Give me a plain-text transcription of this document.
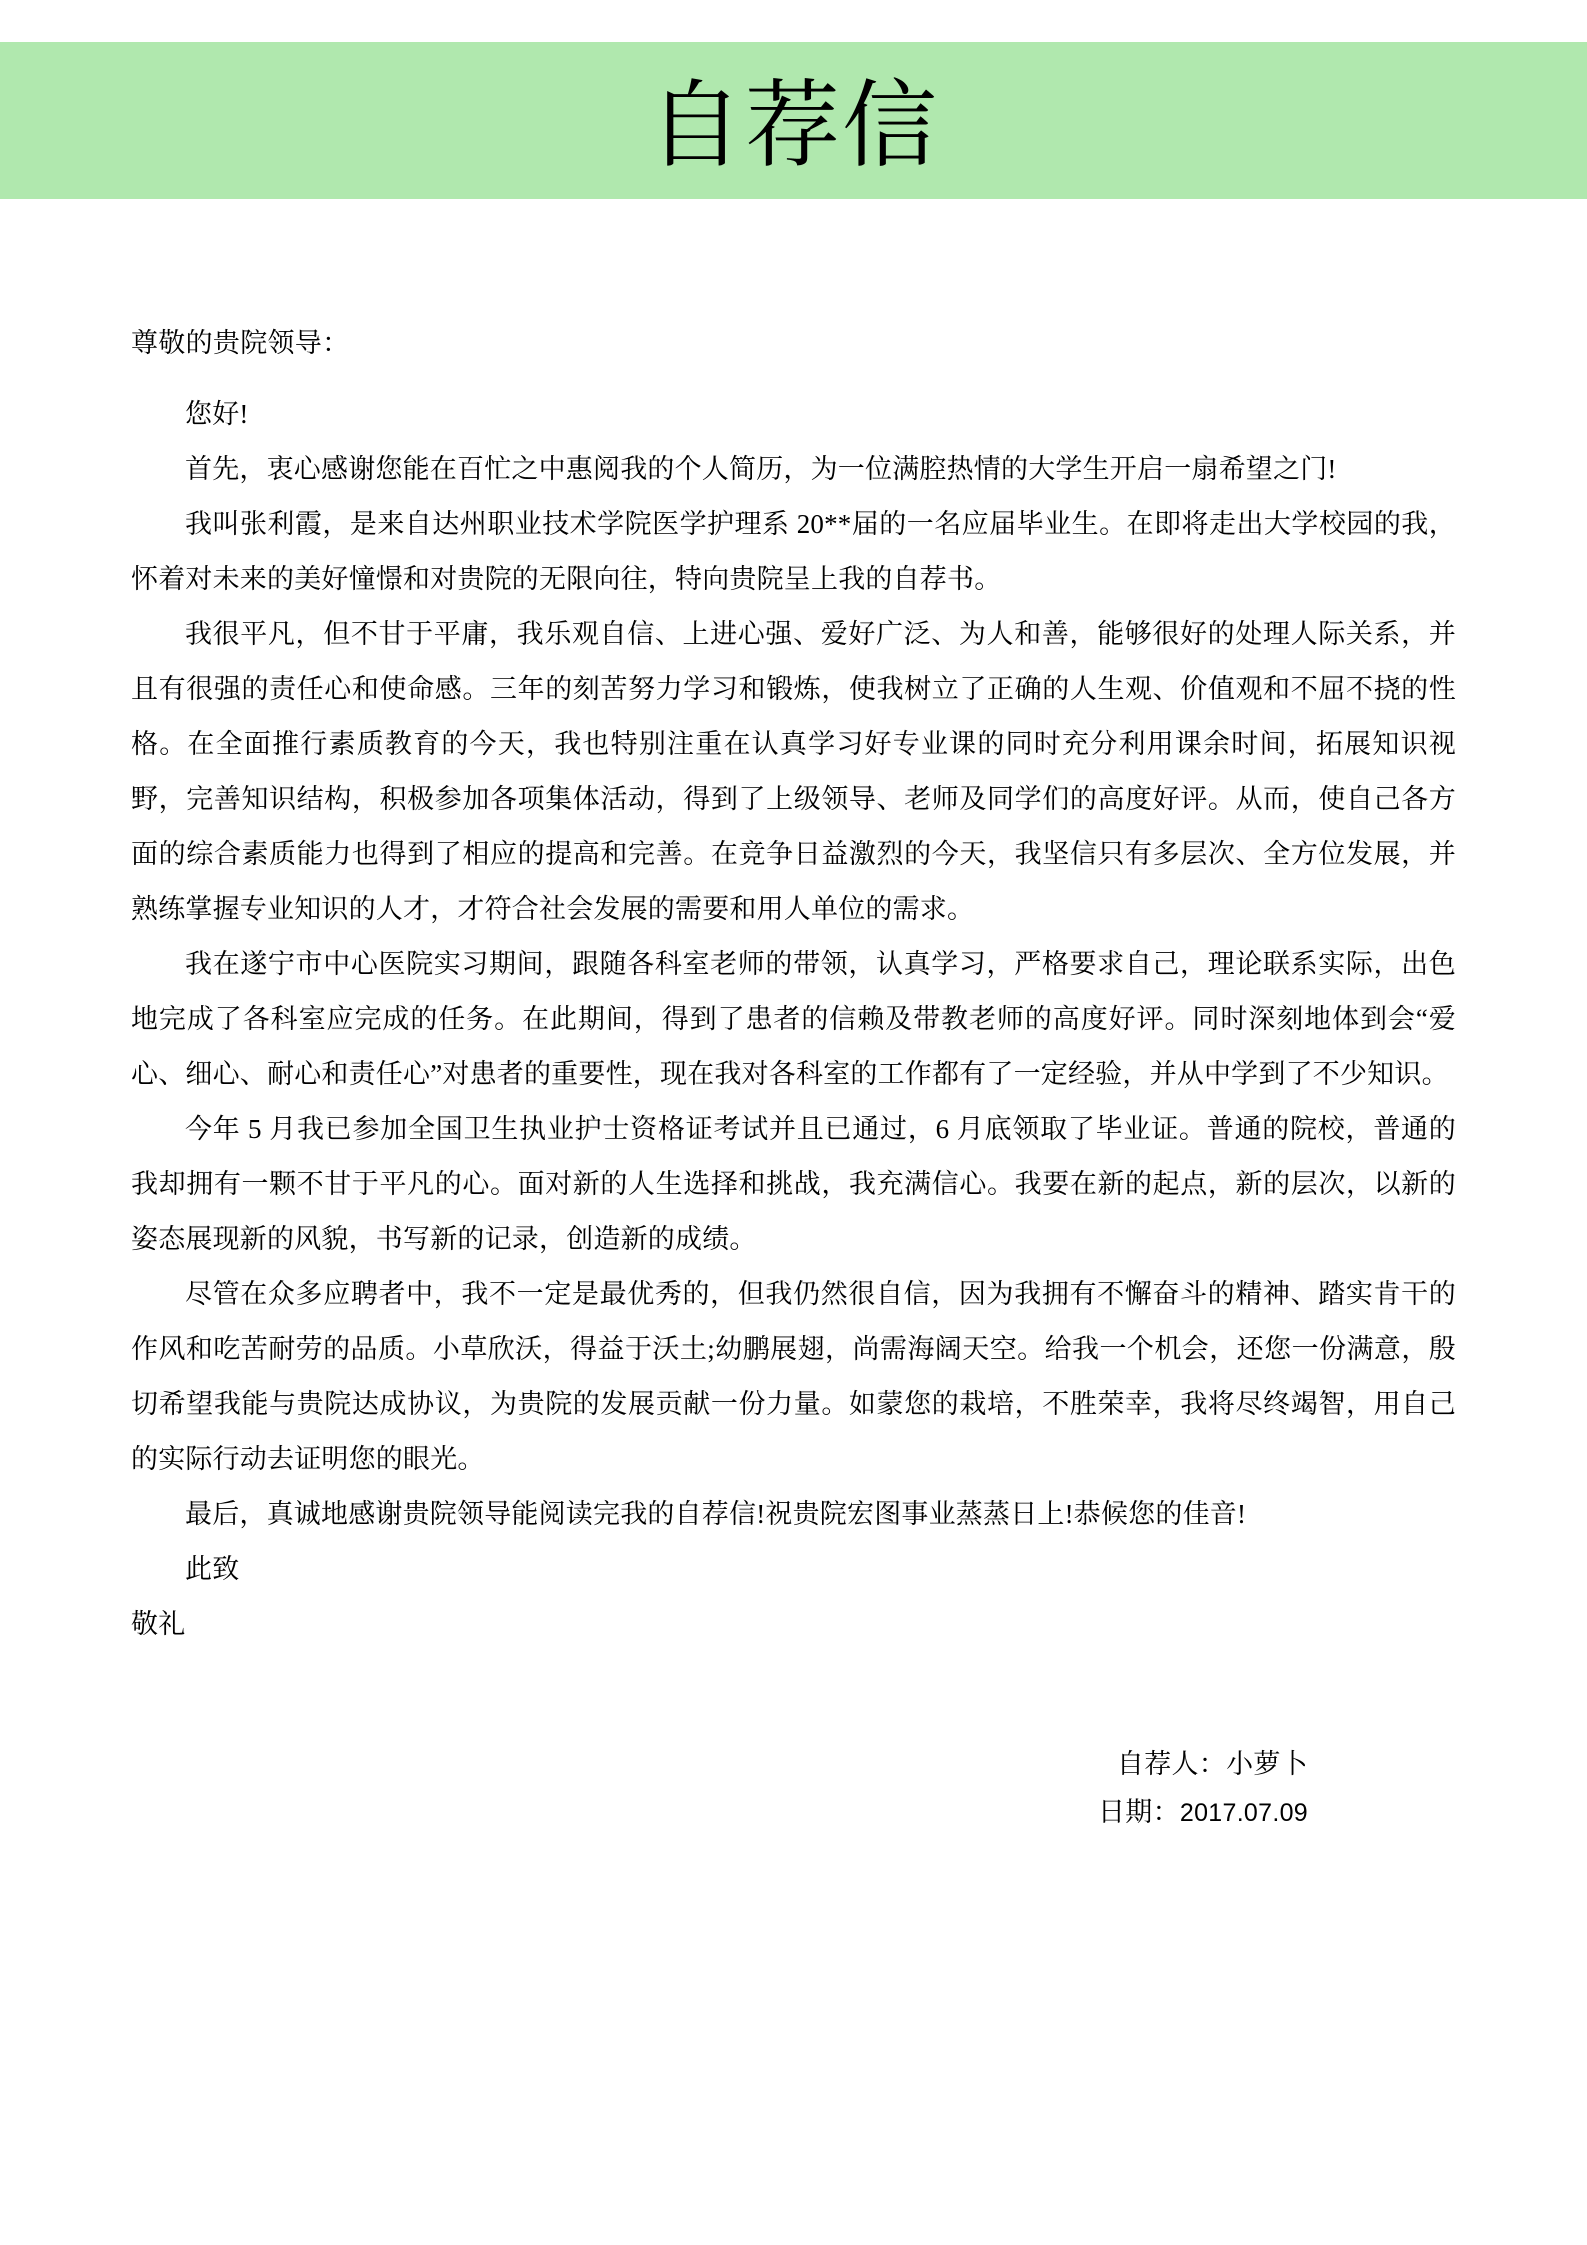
自荐信

尊敬的贵院领导：

您好!

首先，衷心感谢您能在百忙之中惠阅我的个人简历，为一位满腔热情的大学生开启一扇希望之门!

我叫张利霞，是来自达州职业技术学院医学护理系 20**届的一名应届毕业生。在即将走出大学校园的我，怀着对未来的美好憧憬和对贵院的无限向往，特向贵院呈上我的自荐书。

我很平凡，但不甘于平庸，我乐观自信、上进心强、爱好广泛、为人和善，能够很好的处理人际关系，并且有很强的责任心和使命感。三年的刻苦努力学习和锻炼，使我树立了正确的人生观、价值观和不屈不挠的性格。在全面推行素质教育的今天，我也特别注重在认真学习好专业课的同时充分利用课余时间，拓展知识视野，完善知识结构，积极参加各项集体活动，得到了上级领导、老师及同学们的高度好评。从而，使自己各方面的综合素质能力也得到了相应的提高和完善。在竞争日益激烈的今天，我坚信只有多层次、全方位发展，并熟练掌握专业知识的人才，才符合社会发展的需要和用人单位的需求。

我在遂宁市中心医院实习期间，跟随各科室老师的带领，认真学习，严格要求自己，理论联系实际，出色地完成了各科室应完成的任务。在此期间，得到了患者的信赖及带教老师的高度好评。同时深刻地体到会“爱心、细心、耐心和责任心”对患者的重要性，现在我对各科室的工作都有了一定经验，并从中学到了不少知识。

今年 5 月我已参加全国卫生执业护士资格证考试并且已通过，6 月底领取了毕业证。普通的院校，普通的我却拥有一颗不甘于平凡的心。面对新的人生选择和挑战，我充满信心。我要在新的起点，新的层次，以新的姿态展现新的风貌，书写新的记录，创造新的成绩。

尽管在众多应聘者中，我不一定是最优秀的，但我仍然很自信，因为我拥有不懈奋斗的精神、踏实肯干的作风和吃苦耐劳的品质。小草欣沃，得益于沃土;幼鹏展翅，尚需海阔天空。给我一个机会，还您一份满意，殷切希望我能与贵院达成协议，为贵院的发展贡献一份力量。如蒙您的栽培，不胜荣幸，我将尽终竭智，用自己的实际行动去证明您的眼光。

最后，真诚地感谢贵院领导能阅读完我的自荐信!祝贵院宏图事业蒸蒸日上!恭候您的佳音!

此致

敬礼

自荐人：小萝卜

日期：2017.07.09
